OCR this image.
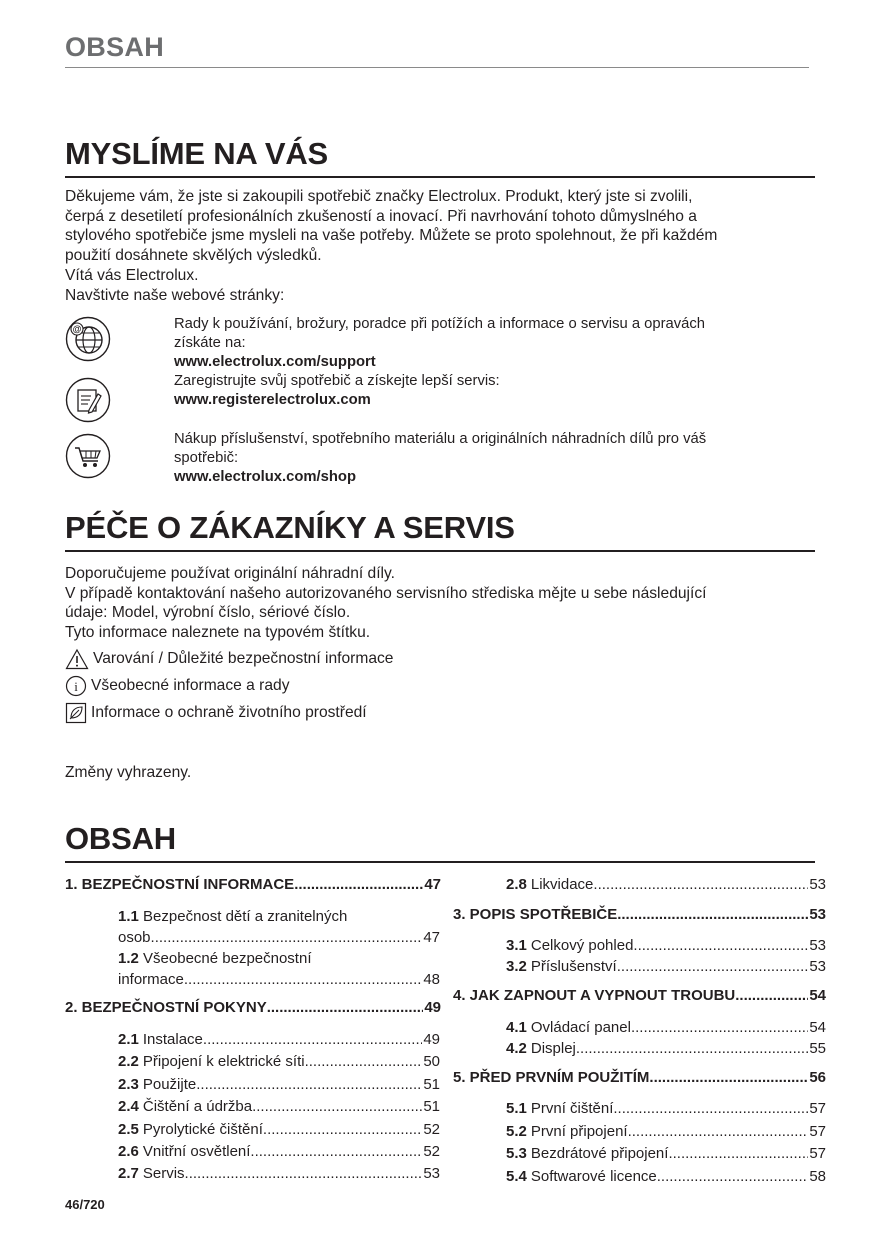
OBSAH
MYSLÍME NA VÁS
Děkujeme vám, že jste si zakoupili spotřebič značky Electrolux. Produkt, který jste si zvolili,
čerpá z desetiletí profesionálních zkušeností a inovací. Při navrhování tohoto důmyslného a
stylového spotřebiče jsme mysleli na vaše potřeby. Můžete se proto spolehnout, že při každém
použití dosáhnete skvělých výsledků.
Vítá vás Electrolux.
Navštivte naše webové stránky:
@	Rady k používání, brožury, poradce při potížích a informace o servisu a opravách
získáte na:
www.electrolux.com/support
Zaregistrujte svůj spotřebič a získejte lepší servis:
www.registerelectrolux.com
Nákup příslušenství, spotřebního materiálu a originálních náhradních dílů pro váš
spotřebič:
www.electrolux.com/shop
PÉČE O ZÁKAZNÍKY A SERVIS
Doporučujeme používat originální náhradní díly.
V případě kontaktování našeho autorizovaného servisního střediska mějte u sebe následující
údaje: Model, výrobní číslo, sériové číslo.
Tyto informace naleznete na typovém štítku.
Varování / Důležité bezpečnostní informace
i Všeobecné informace a rady
Informace o ochraně životního prostředí
Změny vyhrazeny.
OBSAH
1. BEZPEČNOSTNÍ INFORMACE .....	47
1.1 Bezpečnost dětí a zranitelných
osob .....	47
1.2 Všeobecné bezpečnostní
informace .....	48
2. BEZPEČNOSTNÍ POKYNY .....	49
2.1 Instalace .....	49
2.2 Připojení k elektrické síti .....	50
2.3 Použijte .....	51
2.4 Čištění a údržba .....	51
2.5 Pyrolytické čištění .....	52
2.6 Vnitřní osvětlení .....	52
2.7 Servis .....	53
2.8 Likvidace .....	53
3. POPIS SPOTŘEBIČE .....	53
3.1 Celkový pohled .....	53
3.2 Příslušenství .....	53
4. JAK ZAPNOUT A VYPNOUT TROUBU .....	54
4.1 Ovládací panel .....	54
4.2 Displej .....	55
5. PŘED PRVNÍM POUŽITÍM .....	56
5.1 První čištění .....	57
5.2 První připojení .....	57
5.3 Bezdrátové připojení .....	57
5.4 Softwarové licence .....	58
46/720
